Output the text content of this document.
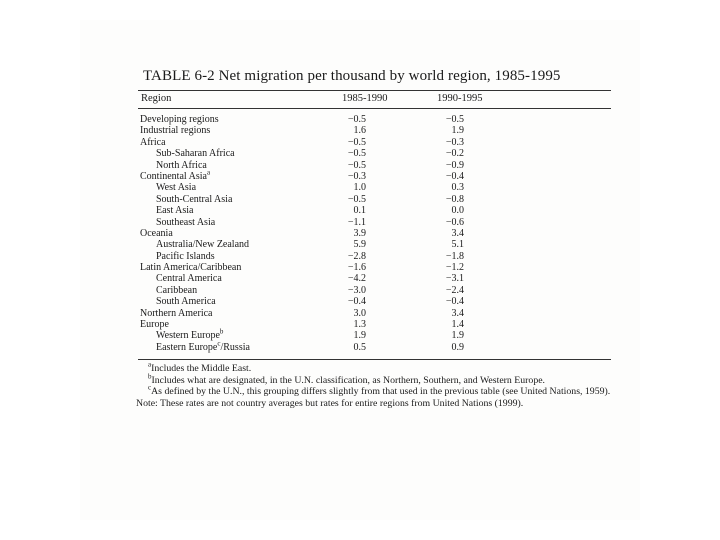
TABLE 6-2 Net migration per thousand by world region, 1985-1995
Region	1985-1990	1990-1995
Developing regions	−0.5	−0.5
Industrial regions	1.6	1.9
Africa	−0.5	−0.3
Sub-Saharan Africa	−0.5	−0.2
North Africa	−0.5	−0.9
Continental Asia$^a$	−0.3	−0.4
West Asia	1.0	0.3
South-Central Asia	−0.5	−0.8
East Asia	0.1	0.0
Southeast Asia	−1.1	−0.6
Oceania	3.9	3.4
Australia/New Zealand	5.9	5.1
Pacific Islands	−2.8	−1.8
Latin America/Caribbean	−1.6	−1.2
Central America	−4.2	−3.1
Caribbean	−3.0	−2.4
South America	−0.4	−0.4
Northern America	3.0	3.4
Europe	1.3	1.4
Western Europe$^b$	1.9	1.9
Eastern Europe$^c$/Russia	0.5	0.9

$^a$Includes the Middle East.

$^b$Includes what are designated, in the U.N. classification, as Northern, Southern, and Western Europe.

$^c$As defined by the U.N., this grouping differs slightly from that used in the previous table (see United Nations, 1959).

Note: These rates are not country averages but rates for entire regions from United Nations (1999).
